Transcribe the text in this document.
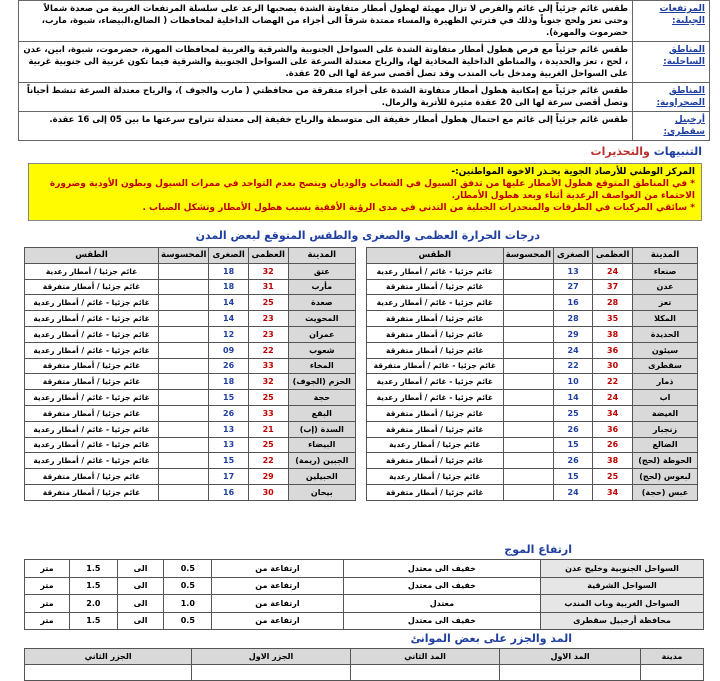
المرتفعات الجبلية:	طقس غائم جزئياً إلى غائم والفرص لا تزال مهيئة لهطول أمطار متفاوتة الشدة يصحبها الرعد على سلسلة المرتفعات الغربية من صعدة شمالاً وحتى تعز ولحج جنوباً وذلك في فترتي الظهيرة والمساء ممتدة شرقاً الى أجزاء من الهضاب الداخلية لمحافظات ( الضالع،البيضاء، شبوة، مارب، حضرموت والمهرة).
المناطق الساحلية:	طقس غائم جزئياً مع فرص هطول أمطار متفاوتة الشدة على السواحل الجنوبية والشرقية والغربية لمحافظات المهرة، حضرموت، شبوة، ابين، عدن ، لحج ، تعز والحديدة ، والمناطق الداخلية المحاذية لها، والرياح معتدلة السرعة على السواحل الجنوبية والشرقية فيما تكون غربية الى جنوبية غربية على السواحل الغربية ومدخل باب المندب وقد تصل أقصى سرعة لها الى 20 عقدة.
المناطق الصحراوية:	طقس غائم جزئياً مع إمكانية هطول أمطار متفاوتة الشدة على أجزاء متفرقة من محافظتي ( مارب والجوف )، والرياح معتدلة السرعة تنشط أحياناً وتصل أقصى سرعة لها الى 20 عقدة مثيرة للأتربة والرمال.
أرخبيل سقطرى:	طقس غائم جزئياً إلى غائم مع احتمال هطول أمطار خفيفة الى متوسطة والرياح خفيفة إلى معتدلة تتراوح سرعتها ما بين 05 إلى 16 عقدة.
التنبيهات والتحذيرات
المركز الوطني للأرصاد الجوية يحـذر الاخوة المواطنين:-
* في المناطق المتوقع هطول الأمطار عليها من تدفق السيول في الشعاب والوديان وينصح بعدم التواجد في ممرات السيول وبطون الأودية وضرورة الاحتماء من العواصف الرعدية أثناء وبعد هطول الأمطار.
* سائقي المركبات في الطرقات والمنحدرات الجبلية من التدني في مدى الرؤية الأفقية بسبب هطول الأمطار وتشكل الضباب .
درجات الحرارة العظمى والصغرى والطقس المتوقع لبعض المدن
المدينة	العظمى	الصغرى	المحسوسة	الطقس
صنعاء	24	13		غائم جزئيا - غائم / أمطار رعدية
عدن	37	27		غائم جزئيا / أمطار متفرقة
تعز	28	16		غائم جزئيا - غائم / أمطار رعدية
المكلا	35	28		غائم جزئيا / أمطار متفرقة
الحديدة	38	29		غائم جزئيا / أمطار متفرقة
سيئون	36	24		غائم جزئيا / أمطار متفرقة
سقطرى	30	22		غائم جزئيا - غائم / أمطار متفرقة
ذمار	22	10		غائم جزئيا - غائم / أمطار رعدية
اب	24	14		غائم جزئيا - غائم / أمطار رعدية
الغيضة	34	25		غائم جزئيا / أمطار متفرقة
زنجبار	36	26		غائم جزئيا / أمطار متفرقة
الضالع	26	15		غائم جزئيا / أمطار رعدية
الحوطة (لحج)	38	26		غائم جزئيا / أمطار متفرقة
لبعوس (لحج)	25	15		غائم جزئيا / أمطار رعدية
عبس (حجة)	34	24		غائم جزئيا / أمطار متفرقة
المدينة	العظمى	الصغرى	المحسوسة	الطقس
عتق	32	18		غائم جزئيا / أمطار رعدية
مأرب	31	18		غائم جزئيا / أمطار متفرقة
صعدة	25	14		غائم جزئيا - غائم / أمطار رعدية
المحويت	23	14		غائم جزئيا - غائم / أمطار رعدية
عمران	23	12		غائم جزئيا - غائم / أمطار رعدية
شعوب	22	09		غائم جزئيا - غائم / أمطار رعدية
المخاء	33	26		غائم جزئيا / أمطار متفرقة
الحزم (الجوف)	32	18		غائم جزئيا / أمطار متفرقة
حجة	25	15		غائم جزئيا - غائم / أمطار رعدية
البقع	33	26		غائم جزئيا / أمطار متفرقة
السدة (إب)	21	13		غائم جزئيا - غائم / أمطار رعدية
البيضاء	25	13		غائم جزئيا - غائم / أمطار رعدية
الجبين (ريمة)	22	15		غائم جزئيا - غائم / أمطار رعدية
الحبيلين	29	17		غائم جزئيا / أمطار متفرقة
بيحان	30	16		غائم جزئيا / أمطار متفرقة
ارتفاع الموج
السواحل الجنوبية وخليج عدن	خفيف الى معتدل	ارتفاعة من	0.5	الى	1.5	متر
السواحل الشرقية	خفيف الى معتدل	ارتفاعة من	0.5	الى	1.5	متر
السواحل الغربية وباب المندب	معتدل	ارتفاعة من	1.0	الى	2.0	متر
محافظة أرخبيل سقطرى	خفيف الى معتدل	ارتفاعة من	0.5	الى	1.5	متر
المد والجزر على بعض الموانئ
مدينة	المد الاول	المد الثاني	الجزر الاول	الجزر الثاني
